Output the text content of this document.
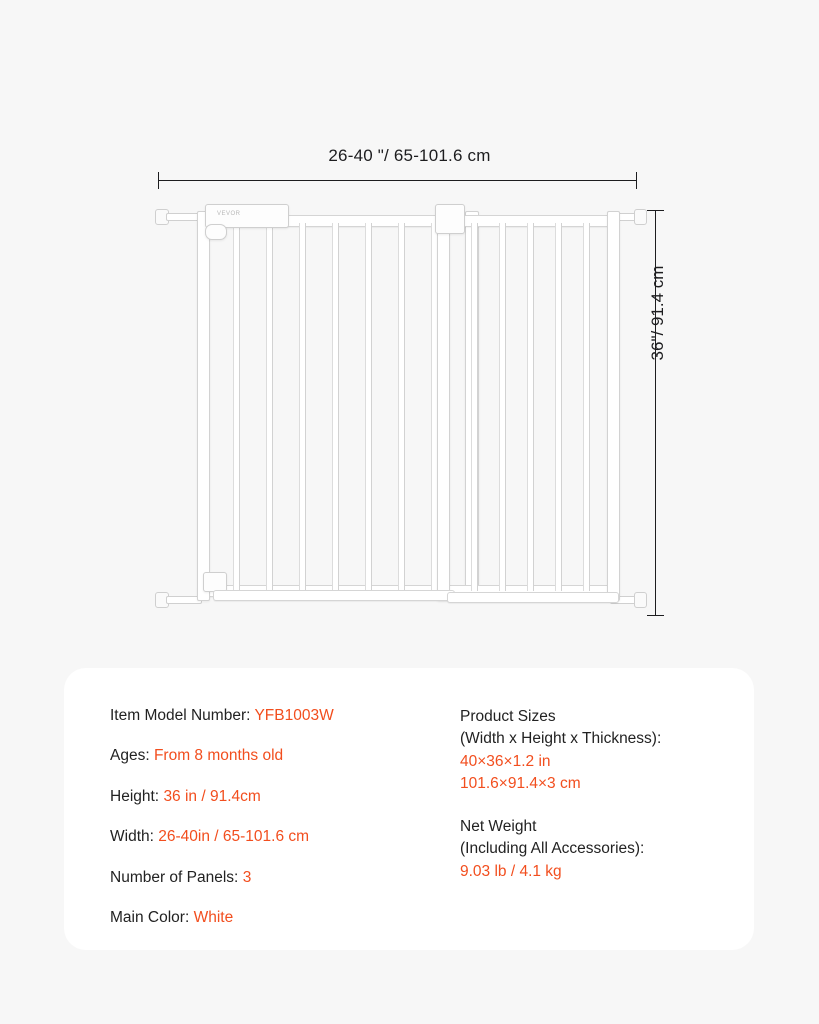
26-40 "/ 65-101.6 cm
36"/ 91.4 cm
VEVOR
Item Model Number: YFB1003W
Ages: From 8 months old
Height: 36 in / 91.4cm
Width: 26-40in / 65-101.6 cm
Number of Panels: 3
Main Color: White
Product Sizes
(Width x Height x Thickness):
40×36×1.2 in
101.6×91.4×3 cm
Net Weight
(Including All Accessories):
9.03 lb / 4.1 kg
